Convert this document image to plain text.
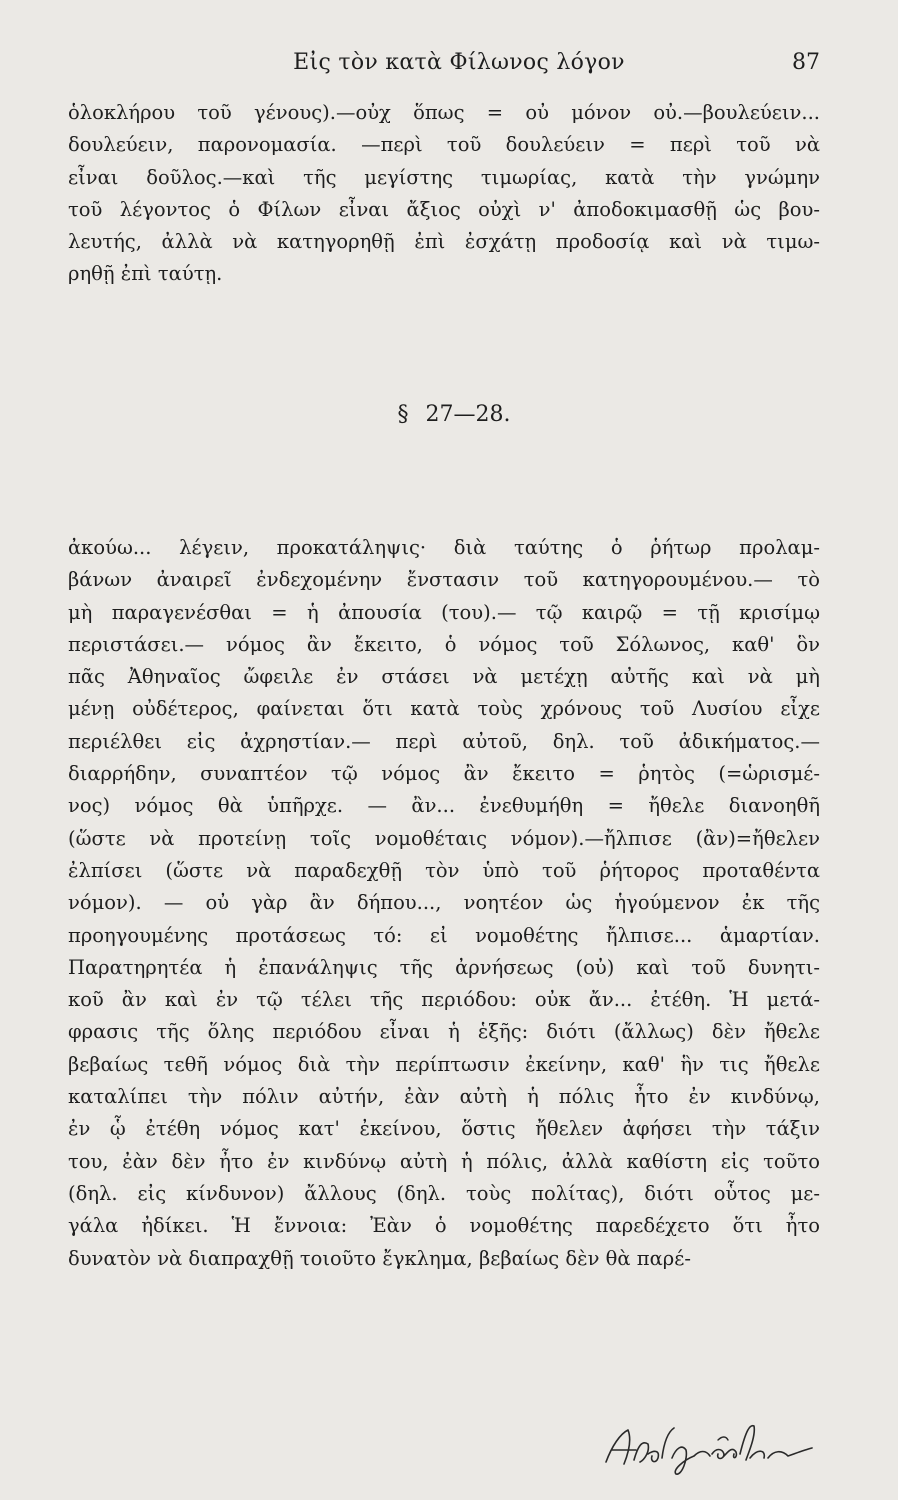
Εἰς τὸν κατὰ Φίλωνος λόγον	87
ὁλοκλήρου τοῦ γένους).—οὐχ ὅπως = οὐ μόνον οὐ.—βουλεύειν...
δουλεύειν, παρονομασία. —περὶ τοῦ δουλεύειν = περὶ τοῦ νὰ
εἶναι δοῦλος.—καὶ τῆς μεγίστης τιμωρίας, κατὰ τὴν γνώμην
τοῦ λέγοντος ὁ Φίλων εἶναι ἄξιος οὐχὶ ν' ἀποδοκιμασθῇ ὡς βου-
λευτής, ἀλλὰ νὰ κατηγορηθῇ ἐπὶ ἐσχάτῃ προδοσίᾳ καὶ νὰ τιμω-
ρηθῇ ἐπὶ ταύτῃ.
§ 27—28.
ἀκούω... λέγειν, προκατάληψις· διὰ ταύτης ὁ ῥήτωρ προλαμ-
βάνων ἀναιρεῖ ἐνδεχομένην ἔνστασιν τοῦ κατηγορουμένου.— τὸ
μὴ παραγενέσθαι = ἡ ἀπουσία (του).— τῷ καιρῷ = τῇ κρισίμῳ
περιστάσει.— νόμος ἂν ἔκειτο, ὁ νόμος τοῦ Σόλωνος, καθ' ὃν
πᾶς Ἀθηναῖος ὤφειλε ἐν στάσει νὰ μετέχῃ αὐτῆς καὶ νὰ μὴ
μένῃ οὐδέτερος, φαίνεται ὅτι κατὰ τοὺς χρόνους τοῦ Λυσίου εἶχε
περιέλθει εἰς ἀχρηστίαν.— περὶ αὐτοῦ, δηλ. τοῦ ἀδικήματος.—
διαρρήδην, συναπτέον τῷ νόμος ἂν ἔκειτο = ῥητὸς (=ὡρισμέ-
νος) νόμος θὰ ὑπῆρχε. — ἂν... ἐνεθυμήθη = ἤθελε διανοηθῆ
(ὥστε νὰ προτείνῃ τοῖς νομοθέταις νόμον).—ἤλπισε (ἂν)=ἤθελεν
ἐλπίσει (ὥστε νὰ παραδεχθῇ τὸν ὑπὸ τοῦ ῥήτορος προταθέντα
νόμον). — οὐ γὰρ ἂν δήπου..., νοητέον ὡς ἡγούμενον ἐκ τῆς
προηγουμένης προτάσεως τό: εἰ νομοθέτης ἤλπισε... ἁμαρτίαν.
Παρατηρητέα ἡ ἐπανάληψις τῆς ἀρνήσεως (οὐ) καὶ τοῦ δυνητι-
κοῦ ἂν καὶ ἐν τῷ τέλει τῆς περιόδου: οὐκ ἄν... ἐτέθη. Ἡ μετά-
φρασις τῆς ὅλης περιόδου εἶναι ἡ ἑξῆς: διότι (ἄλλως) δὲν ἤθελε
βεβαίως τεθῆ νόμος διὰ τὴν περίπτωσιν ἐκείνην, καθ' ἣν τις ἤθελε
καταλίπει τὴν πόλιν αὐτήν, ἐὰν αὐτὴ ἡ πόλις ἦτο ἐν κινδύνῳ,
ἐν ᾧ ἐτέθη νόμος κατ' ἐκείνου, ὅστις ἤθελεν ἀφήσει τὴν τάξιν
του, ἐὰν δὲν ἦτο ἐν κινδύνῳ αὐτὴ ἡ πόλις, ἀλλὰ καθίστη εἰς τοῦτο
(δηλ. εἰς κίνδυνον) ἄλλους (δηλ. τοὺς πολίτας), διότι οὗτος με-
γάλα ἠδίκει. Ἡ ἔννοια: Ἐὰν ὁ νομοθέτης παρεδέχετο ὅτι ἦτο
δυνατὸν νὰ διαπραχθῇ τοιοῦτο ἔγκλημα, βεβαίως δὲν θὰ παρέ-
